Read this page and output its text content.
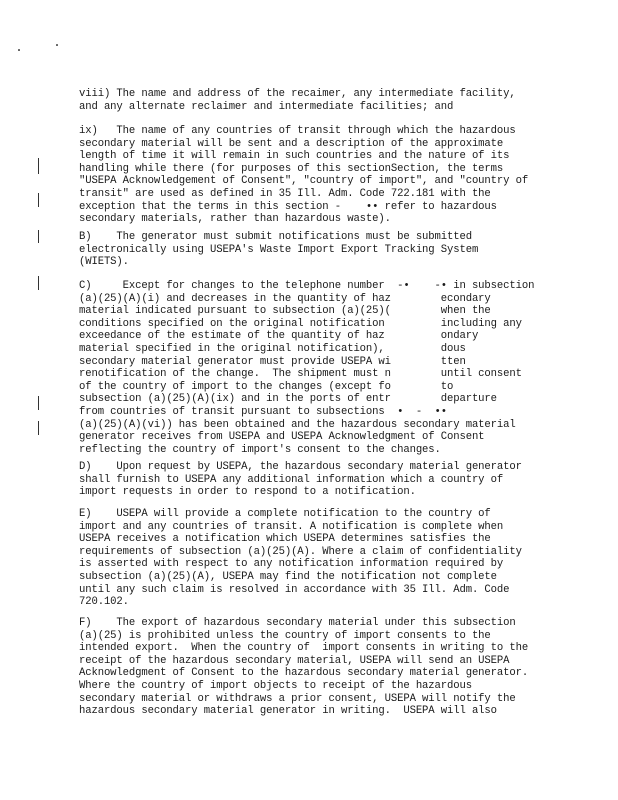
viii) The name and address of the recaimer, any intermediate facility,
and any alternate reclaimer and intermediate facilities; and
ix)   The name of any countries of transit through which the hazardous
secondary material will be sent and a description of the approximate
length of time it will remain in such countries and the nature of its
handling while there (for purposes of this sectionSection, the terms
"USEPA Acknowledgement of Consent", "country of import", and "country of
transit" are used as defined in 35 Ill. Adm. Code 722.181 with the
exception that the terms in this section -    •• refer to hazardous
secondary materials, rather than hazardous waste).
B)    The generator must submit notifications must be submitted
electronically using USEPA's Waste Import Export Tracking System
(WIETS).
C)     Except for changes to the telephone number  -•    -• in subsection
(a)(25)(A)(i) and decreases in the quantity of haz        econdary
material indicated pursuant to subsection (a)(25)(        when the
conditions specified on the original notification         including any
exceedance of the estimate of the quantity of haz         ondary
material specified in the original notification),         dous
secondary material generator must provide USEPA wi        tten
renotification of the change.  The shipment must n        until consent
of the country of import to the changes (except fo        to
subsection (a)(25)(A)(ix) and in the ports of entr        departure
from countries of transit pursuant to subsections  •  -  ••
(a)(25)(A)(vi)) has been obtained and the hazardous secondary material
generator receives from USEPA and USEPA Acknowledgment of Consent
reflecting the country of import's consent to the changes.
D)    Upon request by USEPA, the hazardous secondary material generator
shall furnish to USEPA any additional information which a country of
import requests in order to respond to a notification.
E)    USEPA will provide a complete notification to the country of
import and any countries of transit. A notification is complete when
USEPA receives a notification which USEPA determines satisfies the
requirements of subsection (a)(25)(A). Where a claim of confidentiality
is asserted with respect to any notification information required by
subsection (a)(25)(A), USEPA may find the notification not complete
until any such claim is resolved in accordance with 35 Ill. Adm. Code
720.102.
F)    The export of hazardous secondary material under this subsection
(a)(25) is prohibited unless the country of import consents to the
intended export.  When the country of  import consents in writing to the
receipt of the hazardous secondary material, USEPA will send an USEPA
Acknowledgment of Consent to the hazardous secondary material generator.
Where the country of import objects to receipt of the hazardous
secondary material or withdraws a prior consent, USEPA will notify the
hazardous secondary material generator in writing.  USEPA will also
